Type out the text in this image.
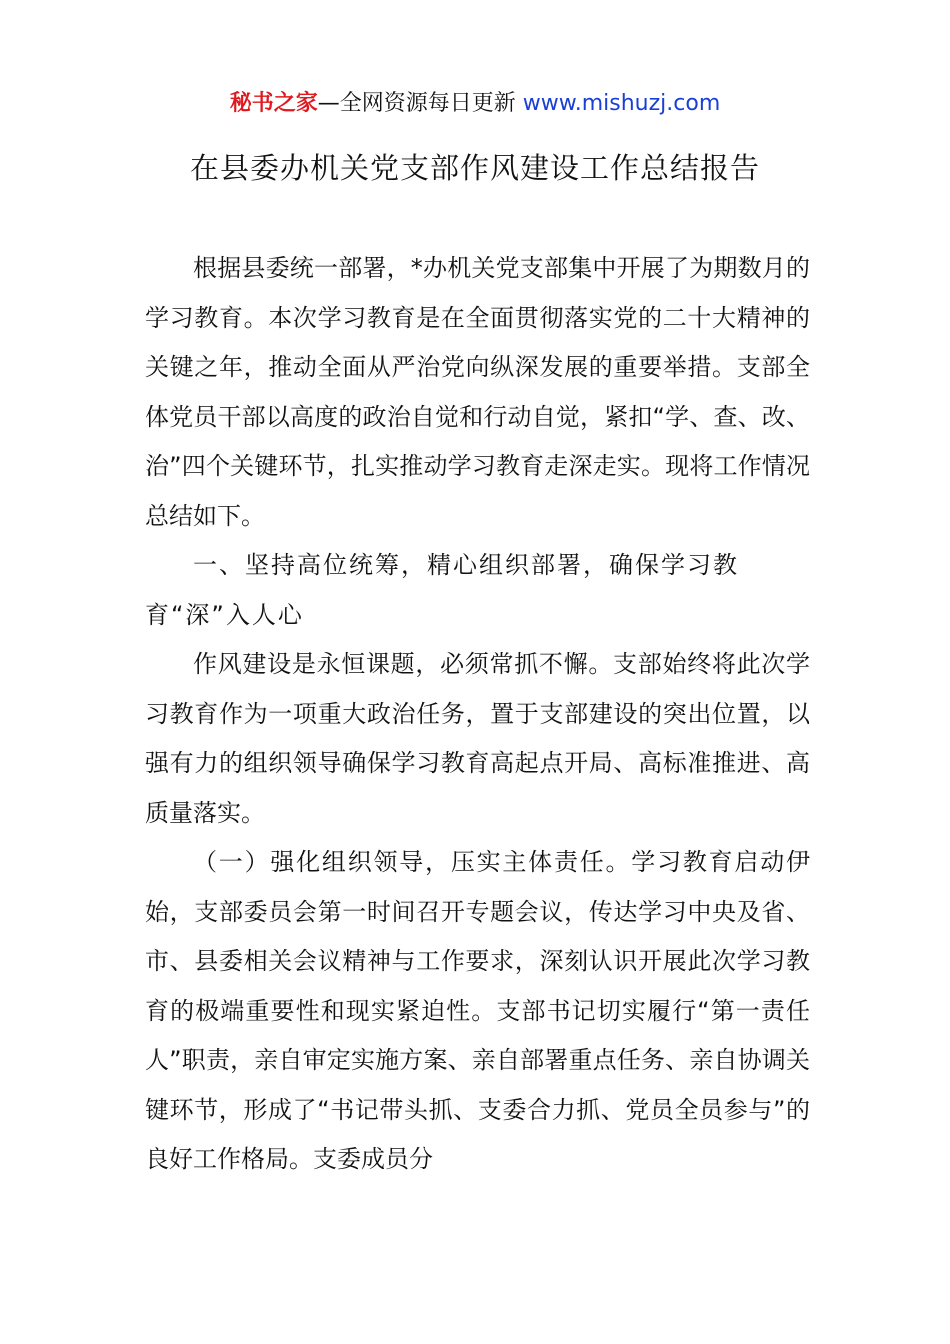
秘书之家—全网资源每日更新 www.mishuzj.com
在县委办机关党支部作风建设工作总结报告

根据县委统一部署，*办机关党支部集中开展了为期数月的学习教育。本次学习教育是在全面贯彻落实党的二十大精神的关键之年，推动全面从严治党向纵深发展的重要举措。支部全体党员干部以高度的政治自觉和行动自觉，紧扣“学、查、改、治”四个关键环节，扎实推动学习教育走深走实。现将工作情况总结如下。

一、坚持高位统筹，精心组织部署，确保学习教育“深”入人心

作风建设是永恒课题，必须常抓不懈。支部始终将此次学习教育作为一项重大政治任务，置于支部建设的突出位置，以强有力的组织领导确保学习教育高起点开局、高标准推进、高质量落实。

（一）强化组织领导，压实主体责任。学习教育启动伊始，支部委员会第一时间召开专题会议，传达学习中央及省、市、县委相关会议精神与工作要求，深刻认识开展此次学习教育的极端重要性和现实紧迫性。支部书记切实履行“第一责任人”职责，亲自审定实施方案、亲自部署重点任务、亲自协调关键环节，形成了“书记带头抓、支委合力抓、党员全员参与”的良好工作格局。支委成员分
